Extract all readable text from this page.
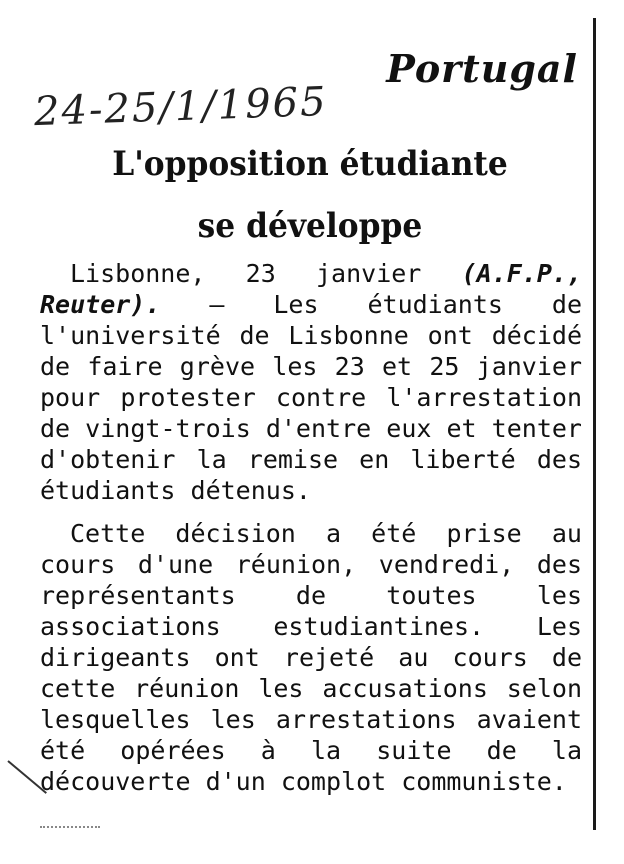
Portugal
24-25/1/1965
L'opposition étudiante
se développe

Lisbonne, 23 janvier (A.F.P., Reuter). — Les étudiants de l'université de Lisbonne ont décidé de faire grève les 23 et 25 janvier pour protester contre l'arrestation de vingt-trois d'entre eux et tenter d'obtenir la remise en liberté des étudiants détenus.

Cette décision a été prise au cours d'une réunion, vendredi, des représentants de toutes les associations estudiantines. Les dirigeants ont rejeté au cours de cette réunion les accusations selon lesquelles les arrestations avaient été opérées à la suite de la découverte d'un complot communiste.
